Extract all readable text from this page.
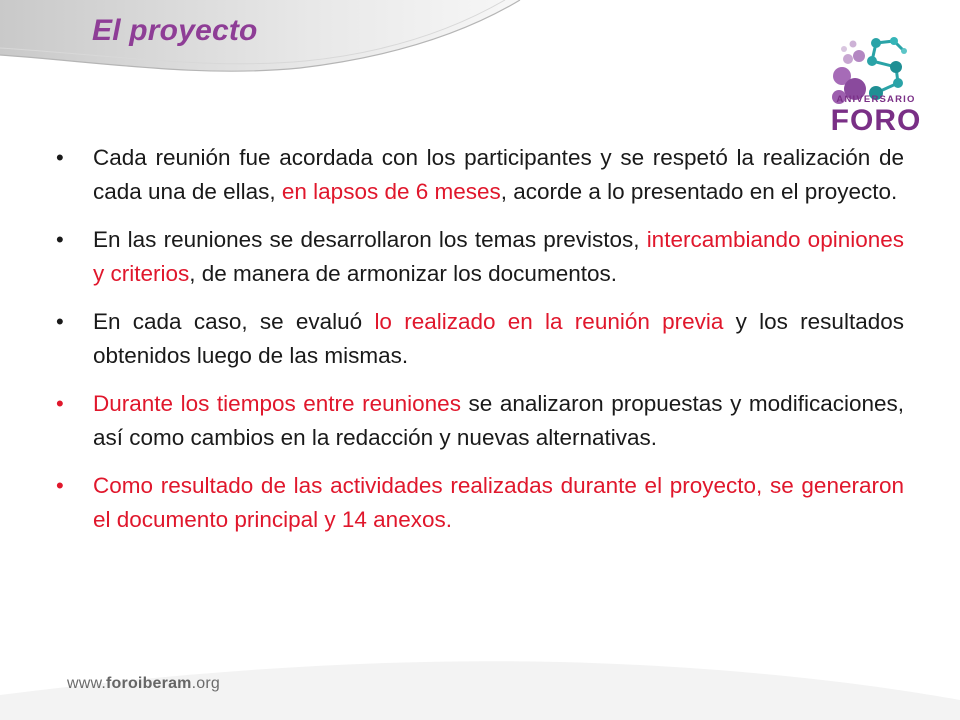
El proyecto
ANIVERSARIO
FORO
• Cada reunión fue acordada con los participantes y se respetó la realización de cada una de ellas, en lapsos de 6 meses, acorde a lo presentado en el proyecto.
• En las reuniones se desarrollaron los temas previstos, intercambiando opiniones y criterios, de manera de armonizar los documentos.
• En cada caso, se evaluó lo realizado en la reunión previa y los resultados obtenidos luego de las mismas.
• Durante los tiempos entre reuniones se analizaron propuestas y modificaciones, así como cambios en la redacción y nuevas alternativas.
• Como resultado de las actividades realizadas durante el proyecto, se generaron el documento principal y 14 anexos.
www.foroiberam.org
